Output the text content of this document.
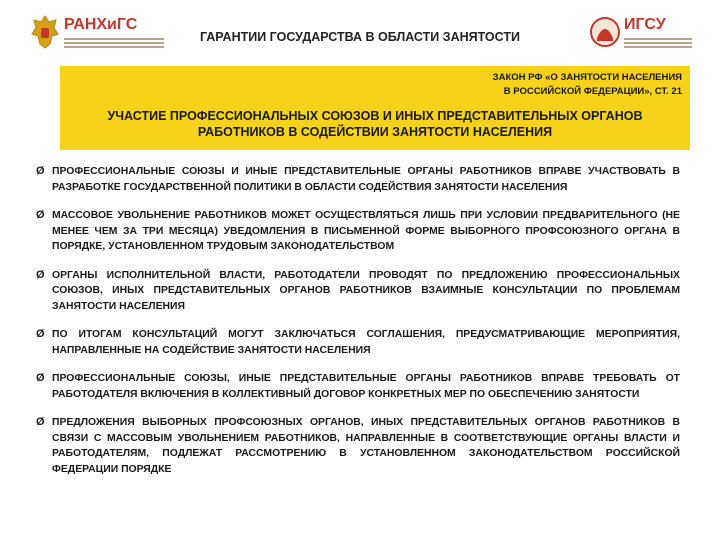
РАНХиГС
ГАРАНТИИ ГОСУДАРСТВА В ОБЛАСТИ ЗАНЯТОСТИ
ИГСУ
ЗАКОН РФ «О ЗАНЯТОСТИ НАСЕЛЕНИЯ
В РОССИЙСКОЙ ФЕДЕРАЦИИ», СТ. 21
УЧАСТИЕ ПРОФЕССИОНАЛЬНЫХ СОЮЗОВ И ИНЫХ ПРЕДСТАВИТЕЛЬНЫХ ОРГАНОВ
РАБОТНИКОВ В СОДЕЙСТВИИ ЗАНЯТОСТИ НАСЕЛЕНИЯ
Ø ПРОФЕССИОНАЛЬНЫЕ СОЮЗЫ И ИНЫЕ ПРЕДСТАВИТЕЛЬНЫЕ ОРГАНЫ РАБОТНИКОВ ВПРАВЕ УЧАСТВОВАТЬ В РАЗРАБОТКЕ ГОСУДАРСТВЕННОЙ ПОЛИТИКИ В ОБЛАСТИ СОДЕЙСТВИЯ ЗАНЯТОСТИ НАСЕЛЕНИЯ
Ø МАССОВОЕ УВОЛЬНЕНИЕ РАБОТНИКОВ МОЖЕТ ОСУЩЕСТВЛЯТЬСЯ ЛИШЬ ПРИ УСЛОВИИ ПРЕДВАРИТЕЛЬНОГО (НЕ МЕНЕЕ ЧЕМ ЗА ТРИ МЕСЯЦА) УВЕДОМЛЕНИЯ В ПИСЬМЕННОЙ ФОРМЕ ВЫБОРНОГО ПРОФСОЮЗНОГО ОРГАНА В ПОРЯДКЕ, УСТАНОВЛЕННОМ ТРУДОВЫМ ЗАКОНОДАТЕЛЬСТВОМ
Ø ОРГАНЫ ИСПОЛНИТЕЛЬНОЙ ВЛАСТИ, РАБОТОДАТЕЛИ ПРОВОДЯТ ПО ПРЕДЛОЖЕНИЮ ПРОФЕССИОНАЛЬНЫХ СОЮЗОВ, ИНЫХ ПРЕДСТАВИТЕЛЬНЫХ ОРГАНОВ РАБОТНИКОВ ВЗАИМНЫЕ КОНСУЛЬТАЦИИ ПО ПРОБЛЕМАМ ЗАНЯТОСТИ НАСЕЛЕНИЯ
Ø ПО ИТОГАМ КОНСУЛЬТАЦИЙ МОГУТ ЗАКЛЮЧАТЬСЯ СОГЛАШЕНИЯ, ПРЕДУСМАТРИВАЮЩИЕ МЕРОПРИЯТИЯ, НАПРАВЛЕННЫЕ НА СОДЕЙСТВИЕ ЗАНЯТОСТИ НАСЕЛЕНИЯ
Ø ПРОФЕССИОНАЛЬНЫЕ СОЮЗЫ, ИНЫЕ ПРЕДСТАВИТЕЛЬНЫЕ ОРГАНЫ РАБОТНИКОВ ВПРАВЕ ТРЕБОВАТЬ ОТ РАБОТОДАТЕЛЯ ВКЛЮЧЕНИЯ В КОЛЛЕКТИВНЫЙ ДОГОВОР КОНКРЕТНЫХ МЕР ПО ОБЕСПЕЧЕНИЮ ЗАНЯТОСТИ
Ø ПРЕДЛОЖЕНИЯ ВЫБОРНЫХ ПРОФСОЮЗНЫХ ОРГАНОВ, ИНЫХ ПРЕДСТАВИТЕЛЬНЫХ ОРГАНОВ РАБОТНИКОВ В СВЯЗИ С МАССОВЫМ УВОЛЬНЕНИЕМ РАБОТНИКОВ, НАПРАВЛЕННЫЕ В СООТВЕТСТВУЮЩИЕ ОРГАНЫ ВЛАСТИ И РАБОТОДАТЕЛЯМ, ПОДЛЕЖАТ РАССМОТРЕНИЮ В УСТАНОВЛЕННОМ ЗАКОНОДАТЕЛЬСТВОМ РОССИЙСКОЙ ФЕДЕРАЦИИ ПОРЯДКЕ
